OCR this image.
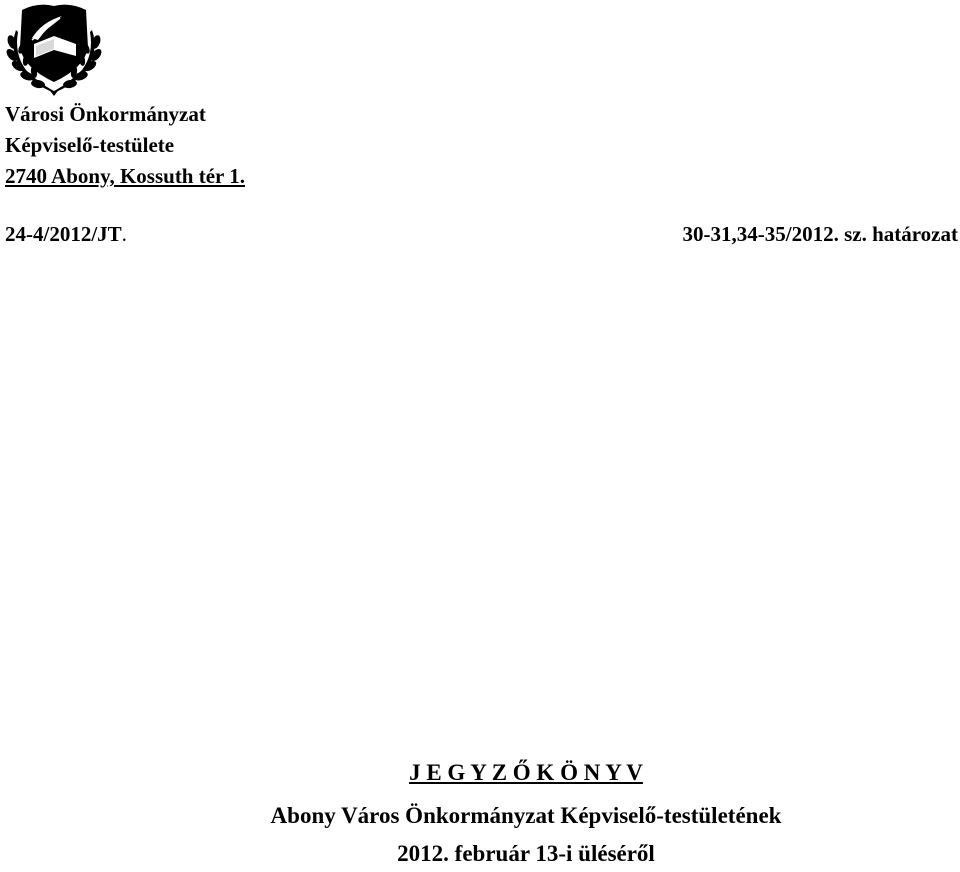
Városi Önkormányzat
Képviselő-testülete
2740 Abony, Kossuth tér 1.
24-4/2012/JT.	30-31,34-35/2012. sz. határozat
J E G Y Z Ő K Ö N Y V
Abony Város Önkormányzat Képviselő-testületének
2012. február 13-i üléséről
